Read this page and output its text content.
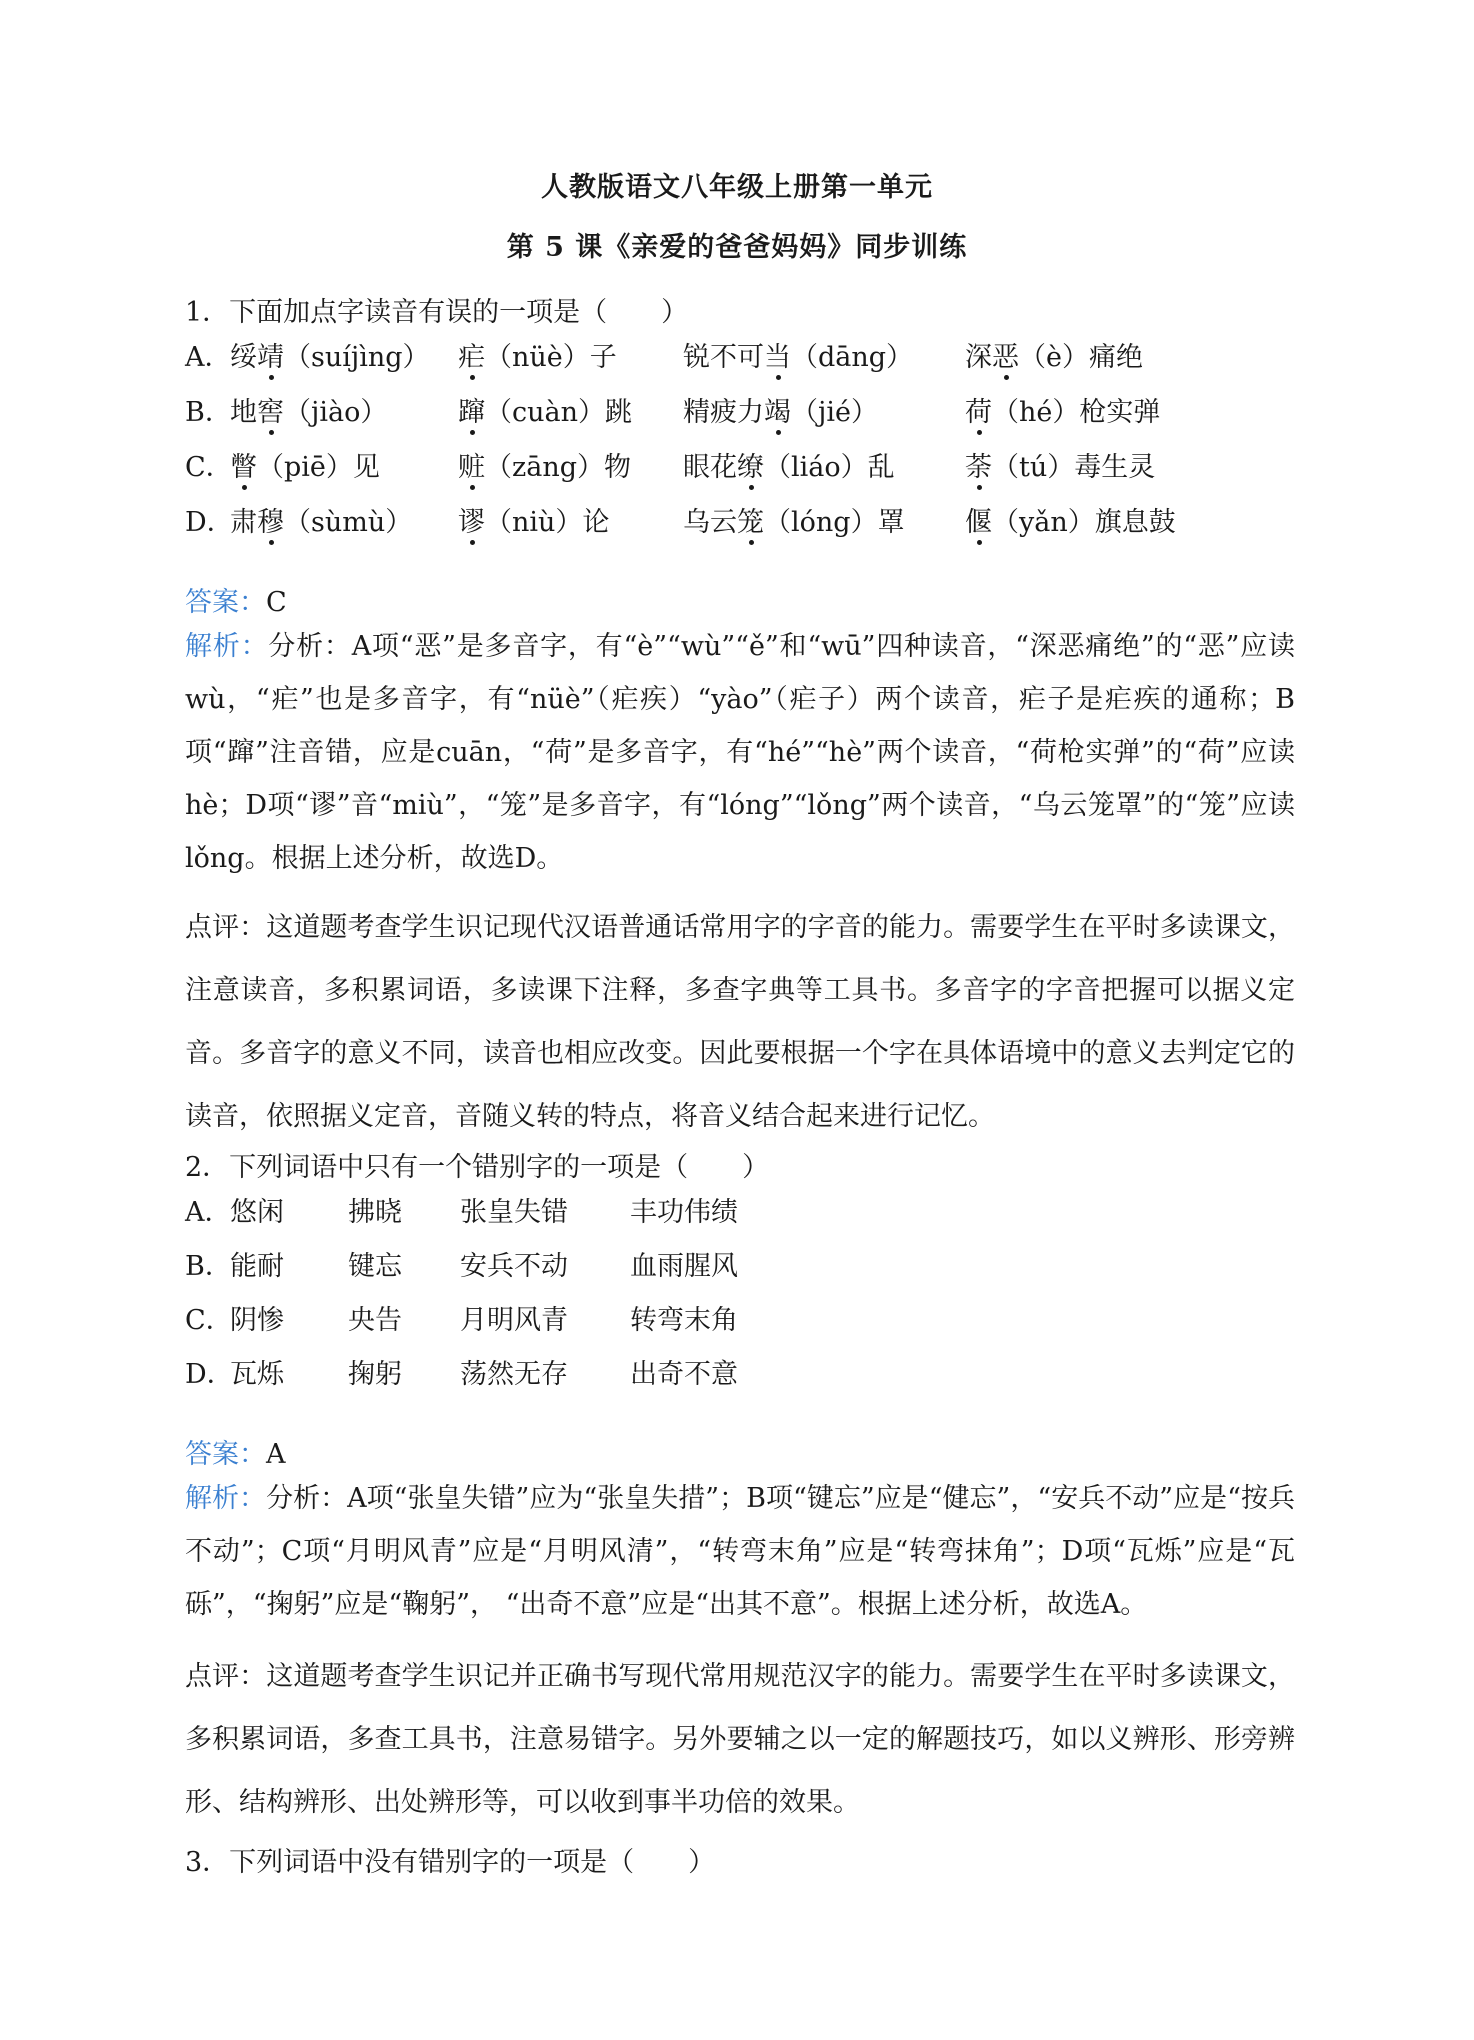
人教版语文八年级上册第一单元
第 5 课《亲爱的爸爸妈妈》同步训练
1．下面加点字读音有误的一项是（　　）
A．
绥靖（suíjìng） 疟（nüè）子 锐不可当（dāng） 深恶（è）痛绝
B．
地窖（jiào）	蹿（cuàn）跳 精疲力竭（jié）	荷（hé）枪实弹
C．
瞥（piē）见	赃（zāng）物 眼花缭（liáo）乱	荼（tú）毒生灵
D．
肃穆（sùmù） 谬（niù）论	乌云笼（lóng）罩 偃（yǎn）旗息鼓
答案：C
解析：分析：A项“恶”是多音字，有“è”“wù”“ě”和“wū”四种读音，“深恶痛绝”的“恶”应读wù，“疟”也是多音字，有“nüè”（疟疾）“yào”（疟子）两个读音，疟子是疟疾的通称；B项“蹿”注音错，应是cuān，“荷”是多音字，有“hé”“hè”两个读音，“荷枪实弹”的“荷”应读hè；D项“谬”音“miù”，“笼”是多音字，有“lóng”“lǒng”两个读音，“乌云笼罩”的“笼”应读lǒng。根据上述分析，故选D。
点评：这道题考查学生识记现代汉语普通话常用字的字音的能力。需要学生在平时多读课文，注意读音，多积累词语，多读课下注释，多查字典等工具书。多音字的字音把握可以据义定音。多音字的意义不同，读音也相应改变。因此要根据一个字在具体语境中的意义去判定它的读音，依照据义定音，音随义转的特点，将音义结合起来进行记忆。
2．下列词语中只有一个错别字的一项是（　　）
A．
悠闲 拂晓 张皇失错 丰功伟绩
B．
能耐 键忘 安兵不动 血雨腥风
C．
阴惨 央告 月明风青 转弯末角
D．
瓦烁 掬躬 荡然无存 出奇不意
答案：A
解析：分析：A项“张皇失错”应为“张皇失措”；B项“键忘”应是“健忘”，“安兵不动”应是“按兵不动”；C项“月明风青”应是“月明风清”，“转弯末角”应是“转弯抹角”；D项“瓦烁”应是“瓦砾”，“掬躬”应是“鞠躬”， “出奇不意”应是“出其不意”。根据上述分析，故选A。
点评：这道题考查学生识记并正确书写现代常用规范汉字的能力。需要学生在平时多读课文，多积累词语，多查工具书，注意易错字。另外要辅之以一定的解题技巧，如以义辨形、形旁辨形、结构辨形、出处辨形等，可以收到事半功倍的效果。
3．下列词语中没有错别字的一项是（　　）
